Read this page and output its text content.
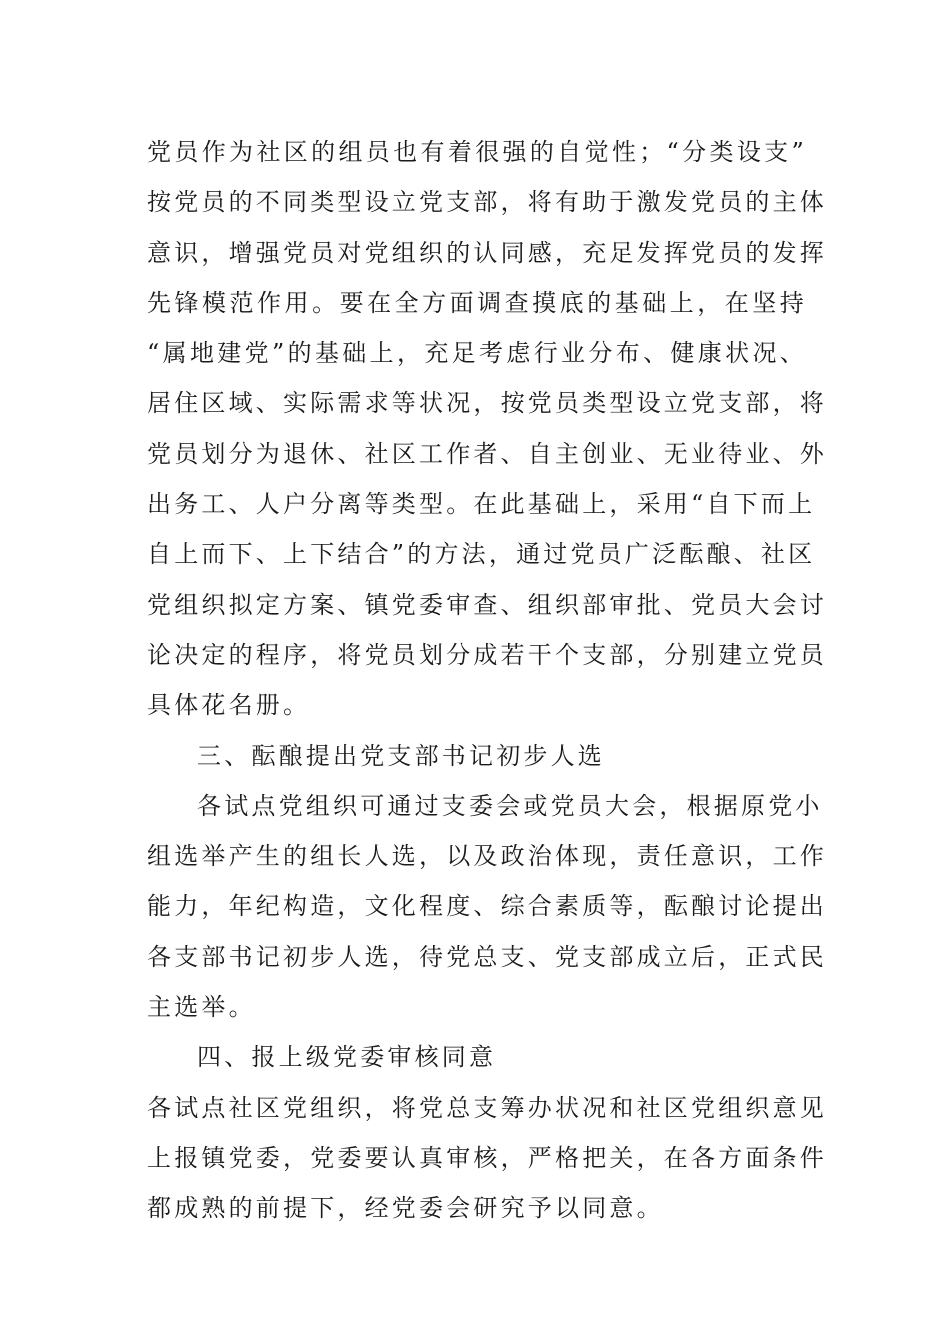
党员作为社区的组员也有着很强的自觉性；“分类设支”
按党员的不同类型设立党支部，将有助于激发党员的主体
意识，增强党员对党组织的认同感，充足发挥党员的发挥
先锋模范作用。要在全方面调查摸底的基础上，在坚持
“属地建党”的基础上，充足考虑行业分布、健康状况、
居住区域、实际需求等状况，按党员类型设立党支部，将
党员划分为退休、社区工作者、自主创业、无业待业、外
出务工、人户分离等类型。在此基础上，采用“自下而上
自上而下、上下结合”的方法，通过党员广泛酝酿、社区
党组织拟定方案、镇党委审查、组织部审批、党员大会讨
论决定的程序，将党员划分成若干个支部，分别建立党员
具体花名册。
三、酝酿提出党支部书记初步人选
各试点党组织可通过支委会或党员大会，根据原党小
组选举产生的组长人选，以及政治体现，责任意识，工作
能力，年纪构造，文化程度、综合素质等，酝酿讨论提出
各支部书记初步人选，待党总支、党支部成立后，正式民
主选举。
四、报上级党委审核同意
各试点社区党组织，将党总支筹办状况和社区党组织意见
上报镇党委，党委要认真审核，严格把关，在各方面条件
都成熟的前提下，经党委会研究予以同意。
